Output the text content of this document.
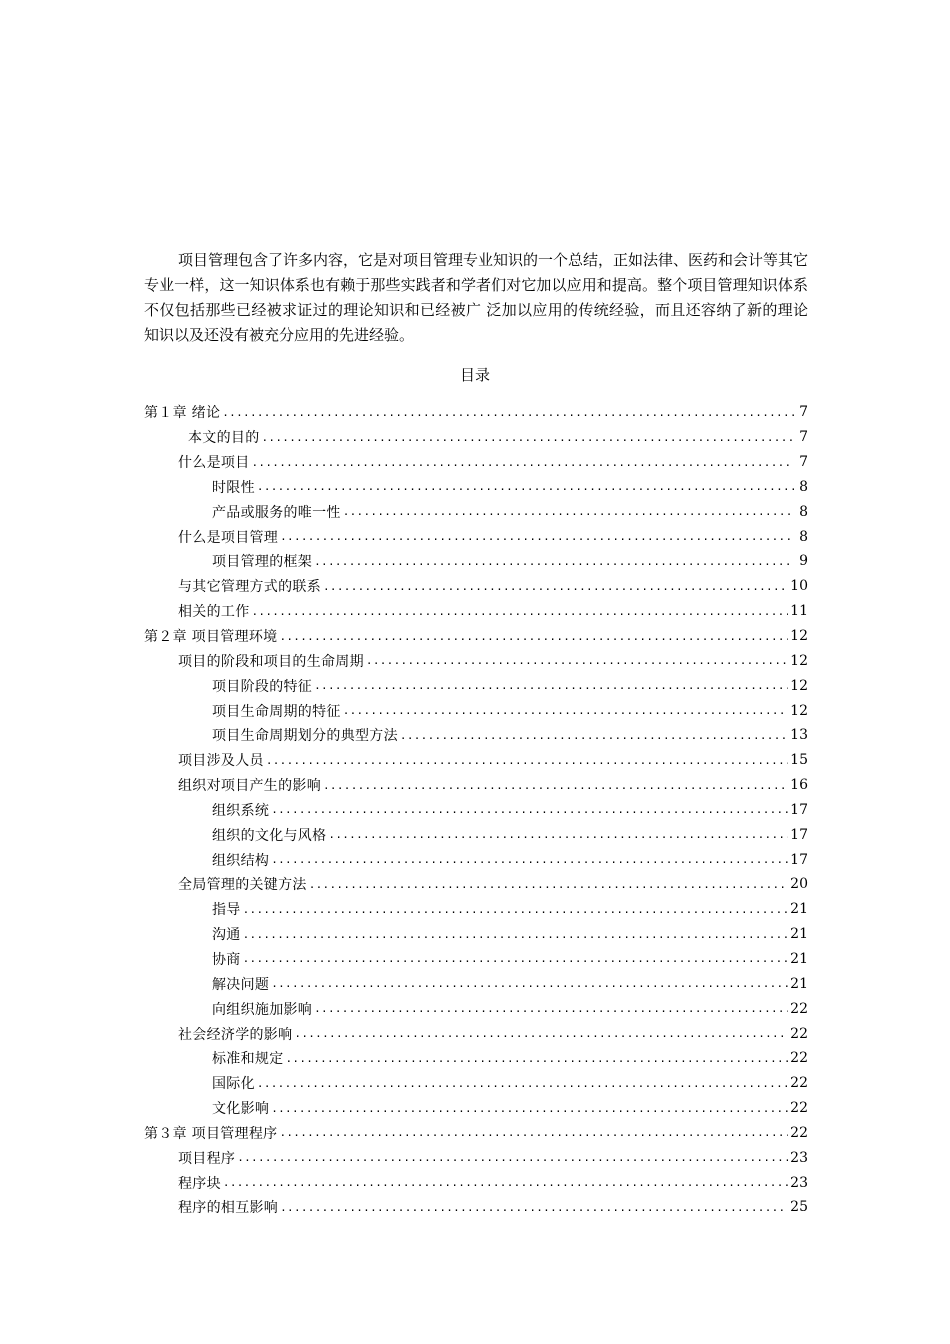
项目管理包含了许多内容，它是对项目管理专业知识的一个总结，正如法律、医药和会计等其它专业一样，这一知识体系也有赖于那些实践者和学者们对它加以应用和提高。整个项目管理知识体系不仅包括那些已经被求证过的理论知识和已经被广 泛加以应用的传统经验，而且还容纳了新的理论知识以及还没有被充分应用的先进经验。

目录
第１章 绪论 .....	7
本文的目的 .....	7
什么是项目 .....	7
时限性 .....	8
产品或服务的唯一性 .....	8
什么是项目管理 .....	8
项目管理的框架 .....	9
与其它管理方式的联系 .....	10
相关的工作 .....	11
第２章 项目管理环境 .....	12
项目的阶段和项目的生命周期 .....	12
项目阶段的特征 .....	12
项目生命周期的特征 .....	12
项目生命周期划分的典型方法 .....	13
项目涉及人员 .....	15
组织对项目产生的影响 .....	16
组织系统 .....	17
组织的文化与风格 .....	17
组织结构 .....	17
全局管理的关键方法 .....	20
指导 .....	21
沟通 .....	21
协商 .....	21
解决问题 .....	21
向组织施加影响 .....	22
社会经济学的影响 .....	22
标准和规定 .....	22
国际化 .....	22
文化影响 .....	22
第３章 项目管理程序 .....	22
项目程序 .....	23
程序块 .....	23
程序的相互影响 .....	25
